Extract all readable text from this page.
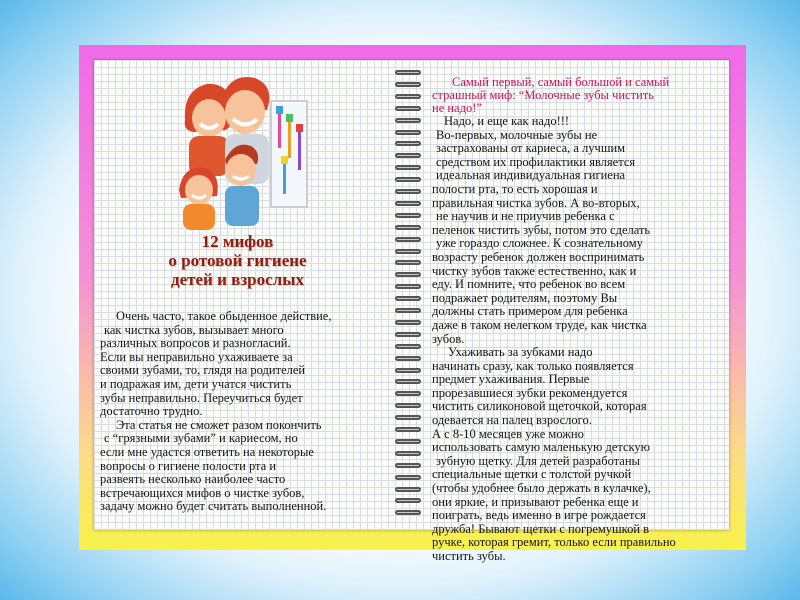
12 мифов
о ротовой гигиене
детей и взрослых
Очень часто, такое обыденное действие,
как чистка зубов, вызывает много
различных вопросов и разногласий.
Если вы неправильно ухаживаете за
своими зубами, то, глядя на родителей
и подражая им, дети учатся чистить
зубы неправильно. Переучиться будет
достаточно трудно.
Эта статья не сможет разом покончить
с “грязными зубами” и кариесом, но
если мне удастся ответить на некоторые
вопросы о гигиене полости рта и
развеять несколько наиболее часто
встречающихся мифов о чистке зубов,
задачу можно будет считать выполненной.
Самый первый, самый большой и самый
страшный миф: “Молочные зубы чистить
не надо!”
Надо, и еще как надо!!!
Во-первых, молочные зубы не
застрахованы от кариеса, а лучшим
средством их профилактики является
идеальная индивидуальная гигиена
полости рта, то есть хорошая и
правильная чистка зубов. А во-вторых,
не научив и не приучив ребенка с
пеленок чистить зубы, потом это сделать
уже гораздо сложнее. К сознательному
возрасту ребенок должен воспринимать
чистку зубов также естественно, как и
еду. И помните, что ребенок во всем
подражает родителям, поэтому Вы
должны стать примером для ребенка
даже в таком нелегком труде, как чистка
зубов.
Ухаживать за зубками надо
начинать сразу, как только появляется
предмет ухаживания. Первые
прорезавшиеся зубки рекомендуется
чистить силиконовой щеточкой, которая
одевается на палец взрослого.
А с 8-10 месяцев уже можно
использовать самую маленькую детскую
зубную щетку. Для детей разработаны
специальные щетки с толстой ручкой
(чтобы удобнее было держать в кулачке),
они яркие, и призывают ребенка еще и
поиграть, ведь именно в игре рождается
дружба! Бывают щетки с погремушкой в
ручке, которая гремит, только если правильно
чистить зубы.
